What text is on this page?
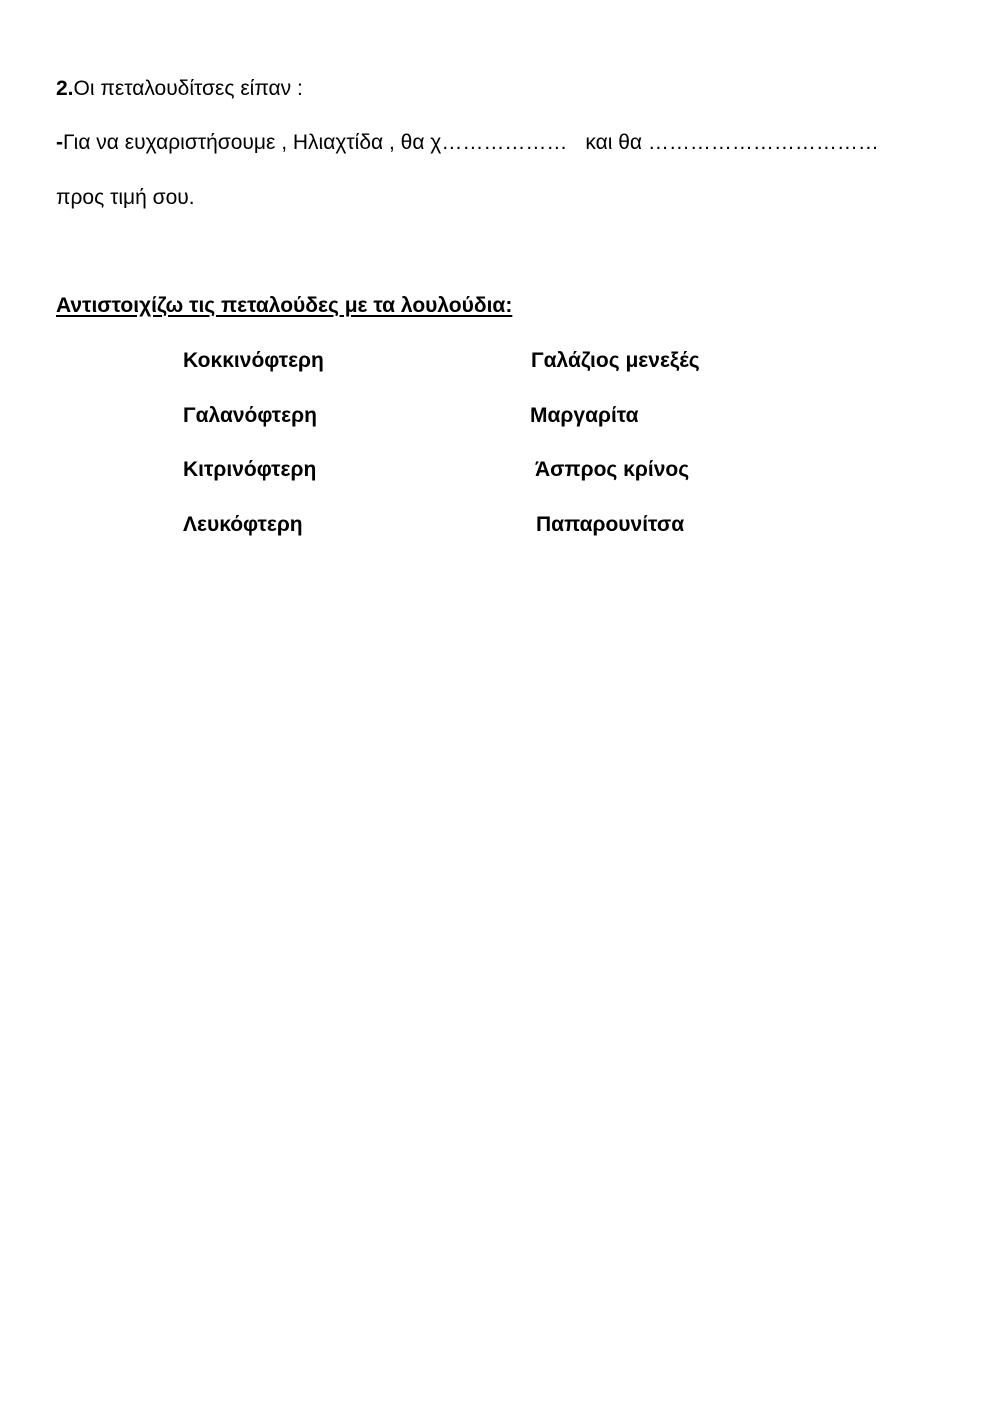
2.Οι πεταλουδίτσες είπαν :
-Για να ευχαριστήσουμε , Ηλιαχτίδα , θα χ……………… και θα ……………………………
προς τιμή σου.
Αντιστοιχίζω τις πεταλούδες με τα λουλούδια:
Κοκκινόφτερη
Γαλανόφτερη
Κιτρινόφτερη
Λευκόφτερη
Γαλάζιος μενεξές
Μαργαρίτα
Άσπρος κρίνος
Παπαρουνίτσα
